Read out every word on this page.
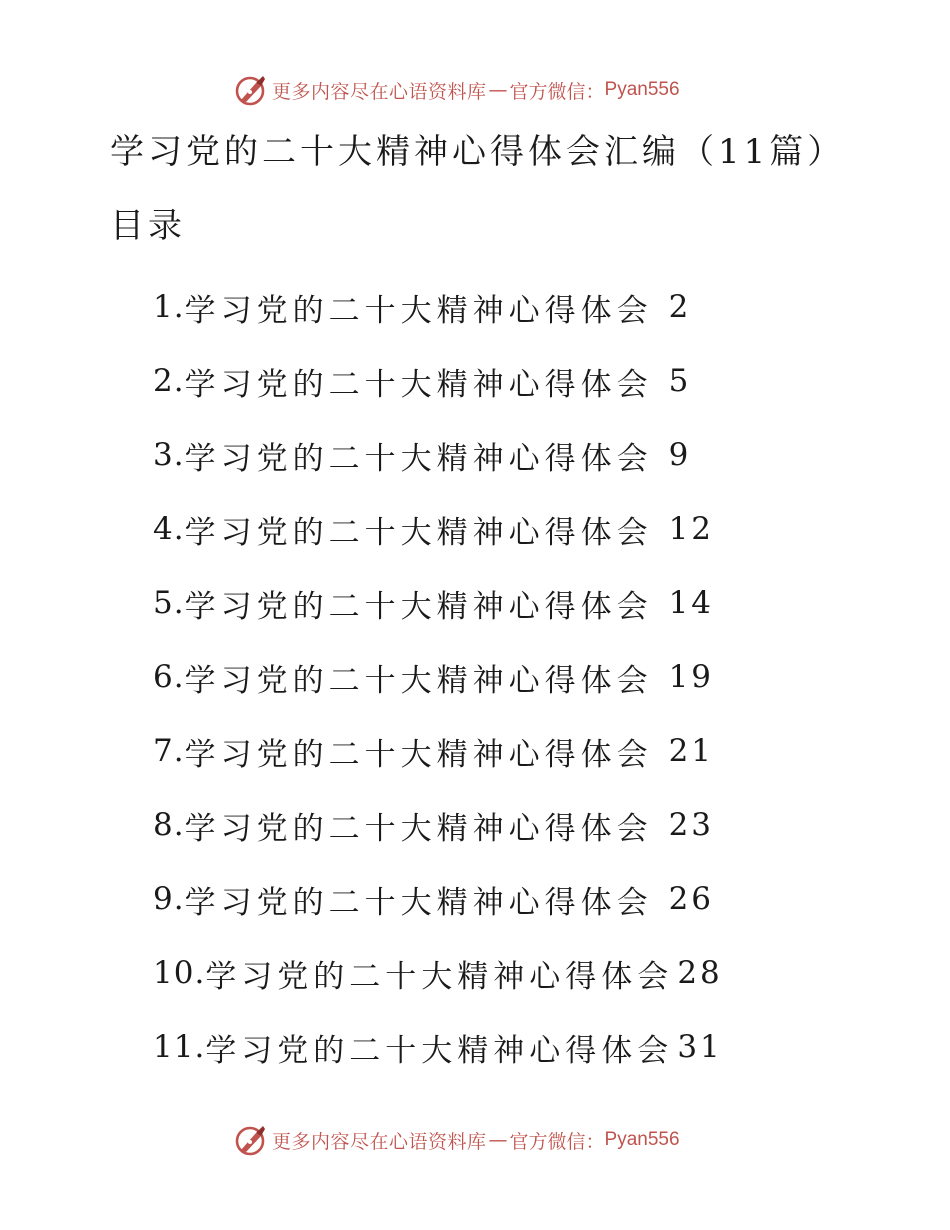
更多内容尽在心语资料库 — 官方微信： Pyan556
学习党的二十大精神心得体会汇编（11篇）
目录
1. 学习党的二十大精神心得体会 2
2. 学习党的二十大精神心得体会 5
3. 学习党的二十大精神心得体会 9
4. 学习党的二十大精神心得体会 12
5. 学习党的二十大精神心得体会 14
6. 学习党的二十大精神心得体会 19
7. 学习党的二十大精神心得体会 21
8. 学习党的二十大精神心得体会 23
9. 学习党的二十大精神心得体会 26
10. 学习党的二十大精神心得体会 28
11. 学习党的二十大精神心得体会 31
更多内容尽在心语资料库 — 官方微信： Pyan556
